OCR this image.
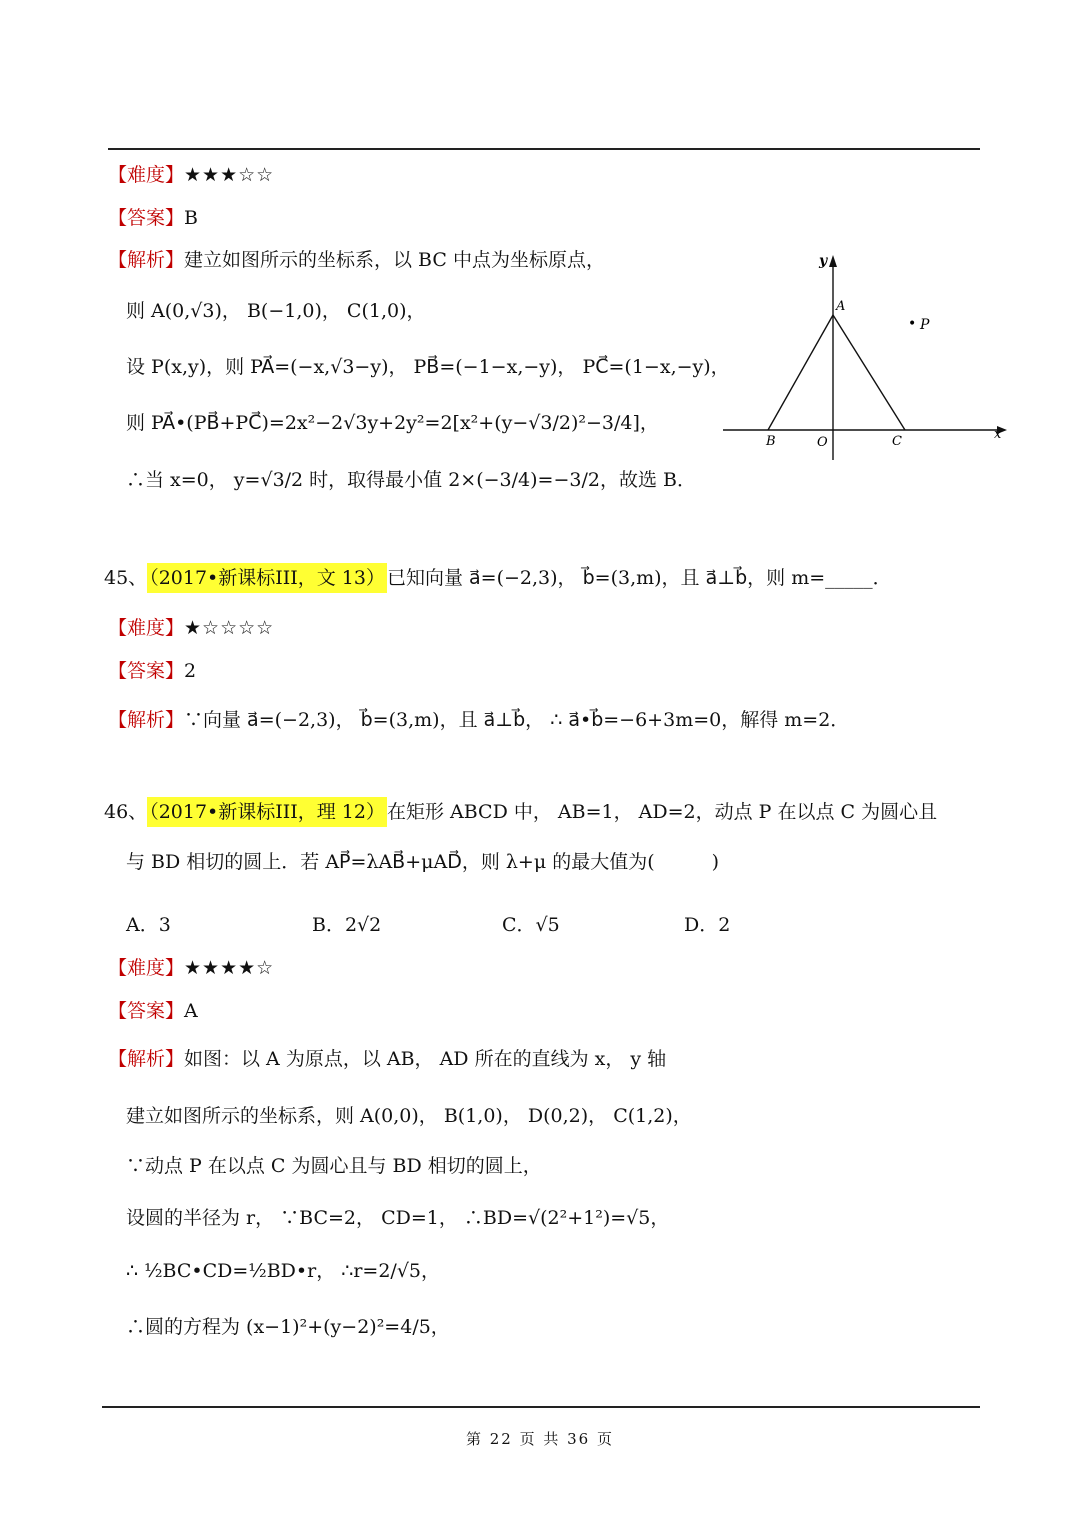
【难度】★★★☆☆
【答案】B
【解析】建立如图所示的坐标系，以 BC 中点为坐标原点，
则 A(0,√3)， B(−1,0)， C(1,0)，
设 P(x,y)，则 PA⃗=(−x,√3−y)， PB⃗=(−1−x,−y)， PC⃗=(1−x,−y)，
则 PA⃗•(PB⃗+PC⃗)=2x²−2√3y+2y²=2[x²+(y−√3/2)²−3/4]，
∴当 x=0， y=√3/2 时，取得最小值 2×(−3/4)=−3/2，故选 B．
y
A
• P
B	O	C	x
45、 （2017•新课标III，文 13） 已知向量 a⃗=(−2,3)， b⃗=(3,m)，且 a⃗⊥b⃗，则 m=_____．
【难度】★☆☆☆☆
【答案】2
【解析】∵向量 a⃗=(−2,3)， b⃗=(3,m)，且 a⃗⊥b⃗， ∴ a⃗•b⃗=−6+3m=0，解得 m=2．
46、 （2017•新课标III，理 12） 在矩形 ABCD 中， AB=1， AD=2，动点 P 在以点 C 为圆心且
与 BD 相切的圆上．若 AP⃗=λAB⃗+μAD⃗，则 λ+μ 的最大值为(　　　)
A．3	B．2√2	C．√5	D．2
【难度】★★★★☆
【答案】A
【解析】如图：以 A 为原点，以 AB， AD 所在的直线为 x， y 轴
建立如图所示的坐标系，则 A(0,0)， B(1,0)， D(0,2)， C(1,2)，
∵动点 P 在以点 C 为圆心且与 BD 相切的圆上，
设圆的半径为 r， ∵BC=2， CD=1， ∴BD=√(2²+1²)=√5，
∴ ½BC•CD=½BD•r， ∴r=2/√5，
∴圆的方程为 (x−1)²+(y−2)²=4/5，
第 22 页 共 36 页
